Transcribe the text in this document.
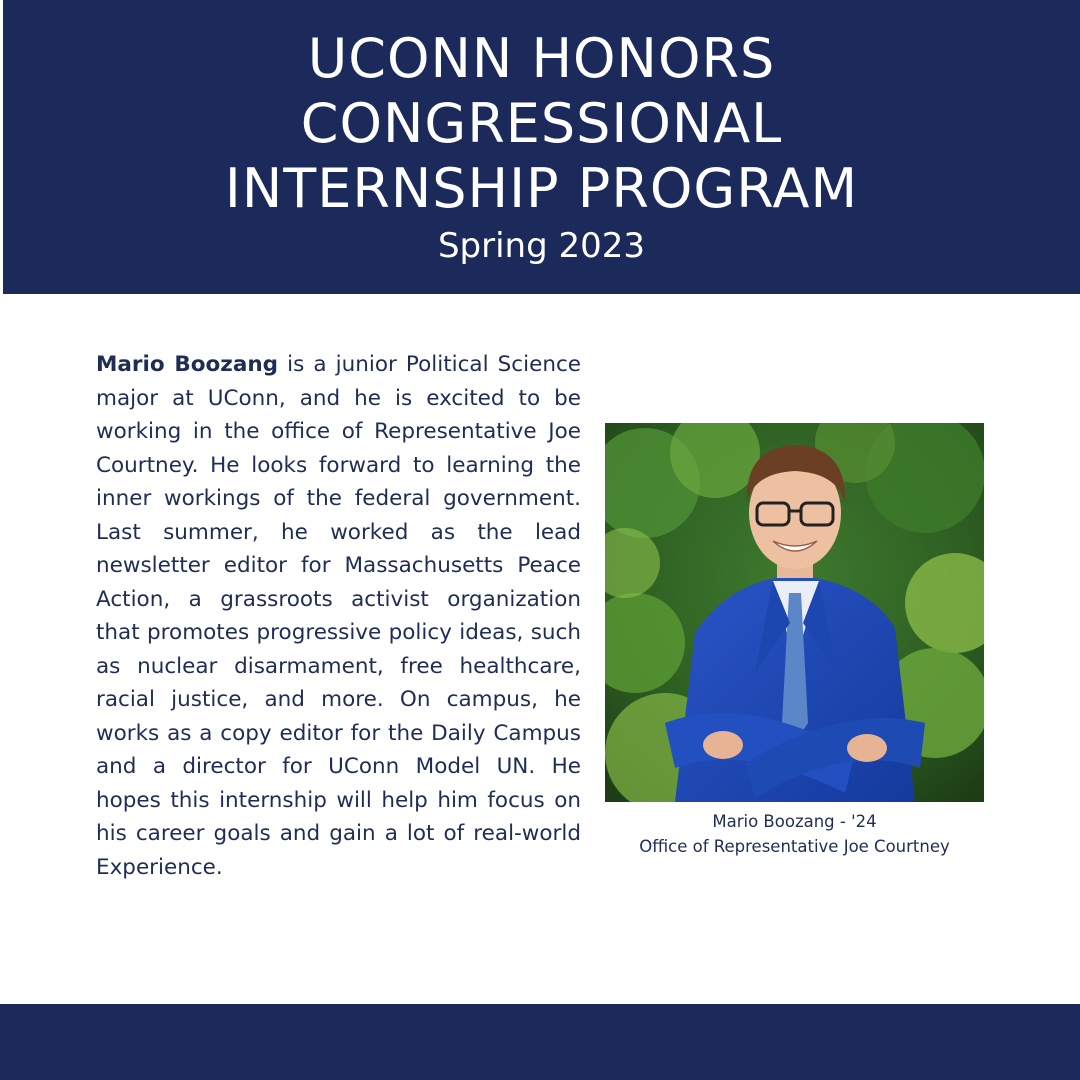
UCONN HONORS
CONGRESSIONAL
INTERNSHIP PROGRAM
Spring 2023
Mario Boozang is a junior Political Science major at UConn, and he is excited to be working in the office of Representative Joe Courtney. He looks forward to learning the inner workings of the federal government. Last summer, he worked as the lead newsletter editor for Massachusetts Peace Action, a grassroots activist organization that promotes progressive policy ideas, such as nuclear disarmament, free healthcare, racial justice, and more. On campus, he works as a copy editor for the Daily Campus and a director for UConn Model UN. He hopes this internship will help him focus on his career goals and gain a lot of real-world Experience.
Mario Boozang - '24
Office of Representative Joe Courtney
